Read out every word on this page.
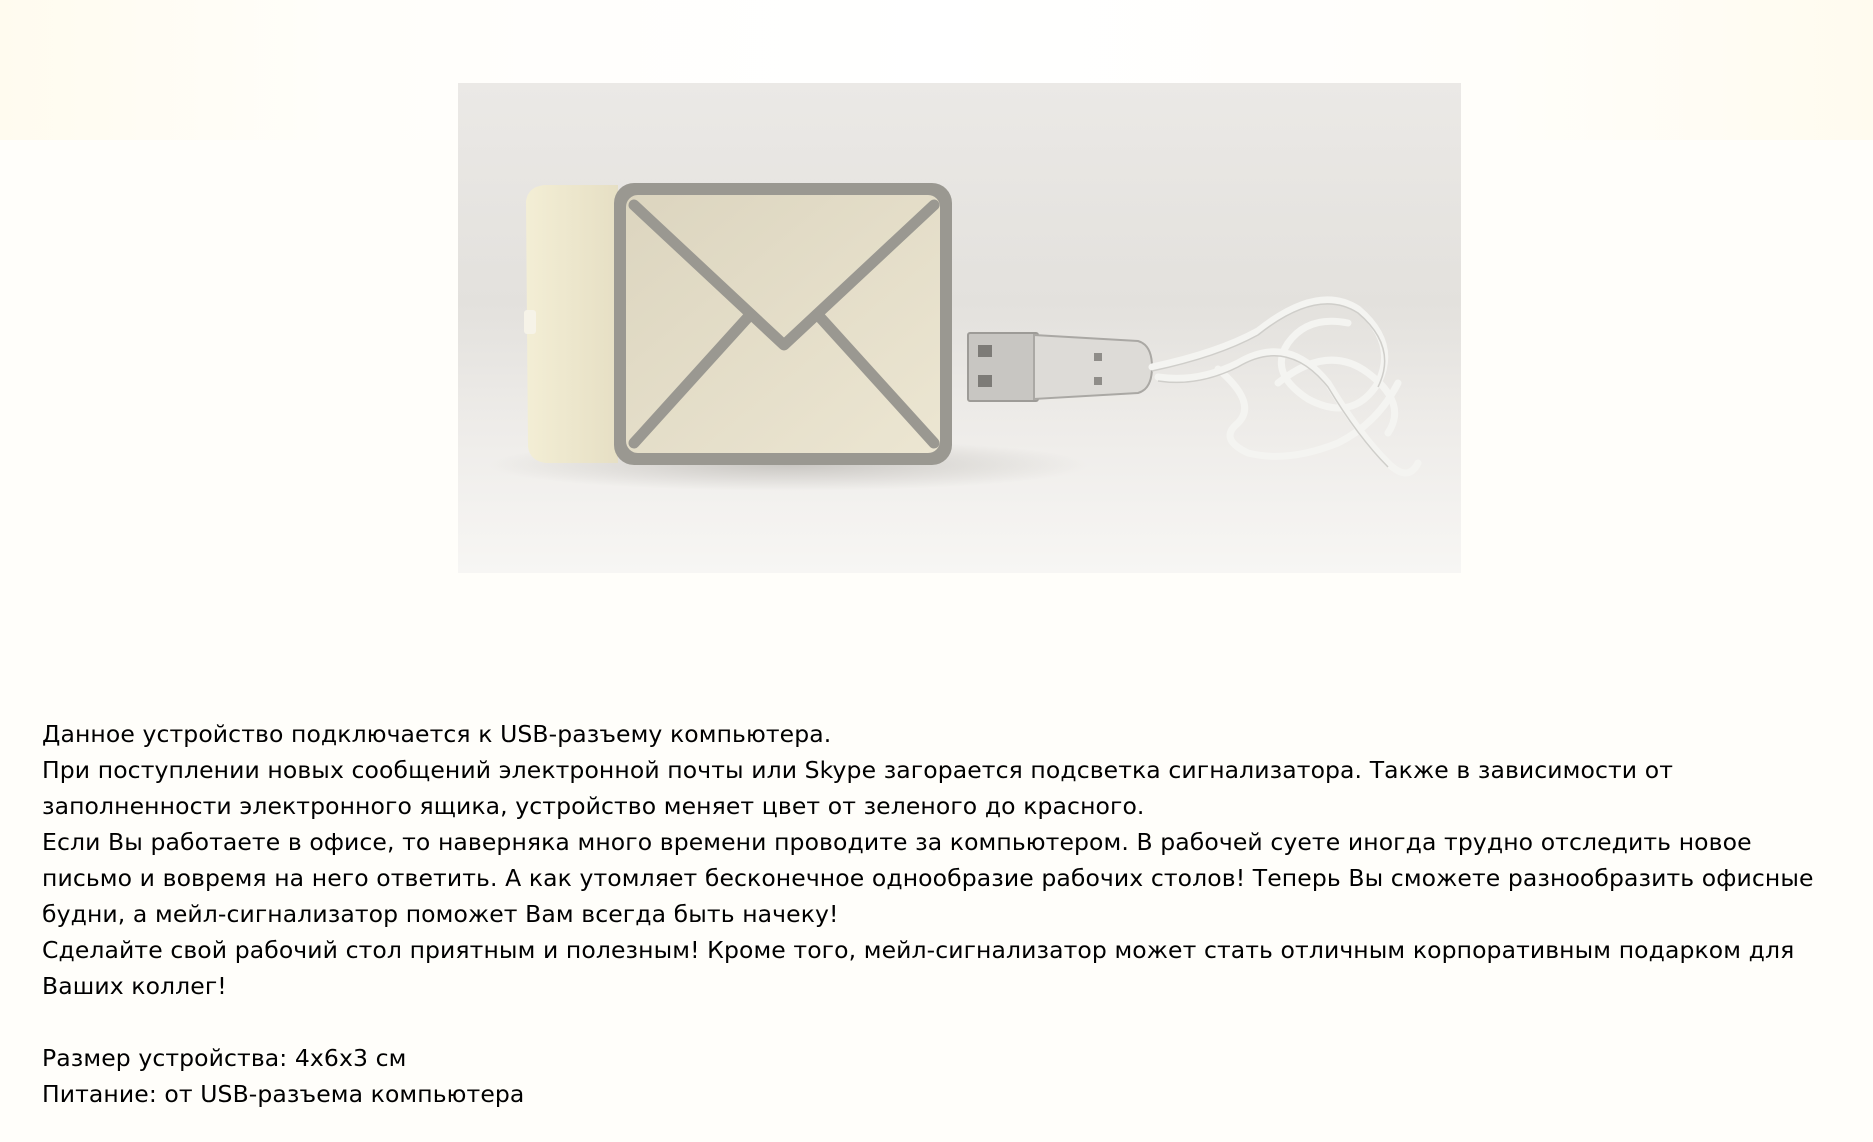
Данное устройство подключается к USB-разъему компьютера.

При поступлении новых сообщений электронной почты или Skype загорается подсветка сигнализатора. Также в зависимости от заполненности электронного ящика, устройство меняет цвет от зеленого до красного.

Если Вы работаете в офисе, то наверняка много времени проводите за компьютером. В рабочей суете иногда трудно отследить новое письмо и вовремя на него ответить. А как утомляет бесконечное однообразие рабочих столов! Теперь Вы сможете разнообразить офисные будни, а мейл-сигнализатор поможет Вам всегда быть начеку!

Сделайте свой рабочий стол приятным и полезным! Кроме того, мейл-сигнализатор может стать отличным корпоративным подарком для Ваших коллег!

Размер устройства: 4х6х3 см

Питание: от USB-разъема компьютера
